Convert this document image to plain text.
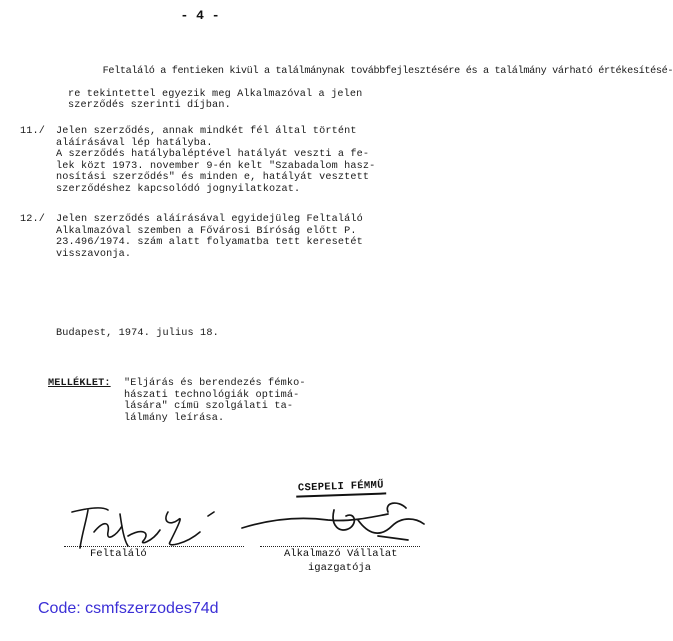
- 4 -

Feltaláló a fentieken kivül a találmánynak továbbfejlesztésére és a találmány várható értékesítésé-

re tekintettel egyezik meg Alkalmazóval a jelen
szerződés szerinti díjban.
11./ Jelen szerződés, annak mindkét fél által történt
aláírásával lép hatályba.
A szerződés hatálybaléptével hatályát veszti a fe-
lek közt 1973. november 9-én kelt "Szabadalom hasz-
nosítási szerződés" és minden e, hatályát vesztett
szerződéshez kapcsolódó jognyilatkozat.
12./ Jelen szerződés aláírásával egyidejüleg Feltaláló
Alkalmazóval szemben a Fővárosi Bíróság előtt P.
23.496/1974. szám alatt folyamatba tett keresetét
visszavonja.
Budapest, 1974. julius 18.
MELLÉKLET: "Eljárás és berendezés fémko-
hászati technológiák optimá-
lására" címü szolgálati ta-
lálmány leírása.
CSEPELI FÉMMŰ
Feltaláló	Alkalmazó Vállalat
igazgatója
Code: csmfszerzodes74d
